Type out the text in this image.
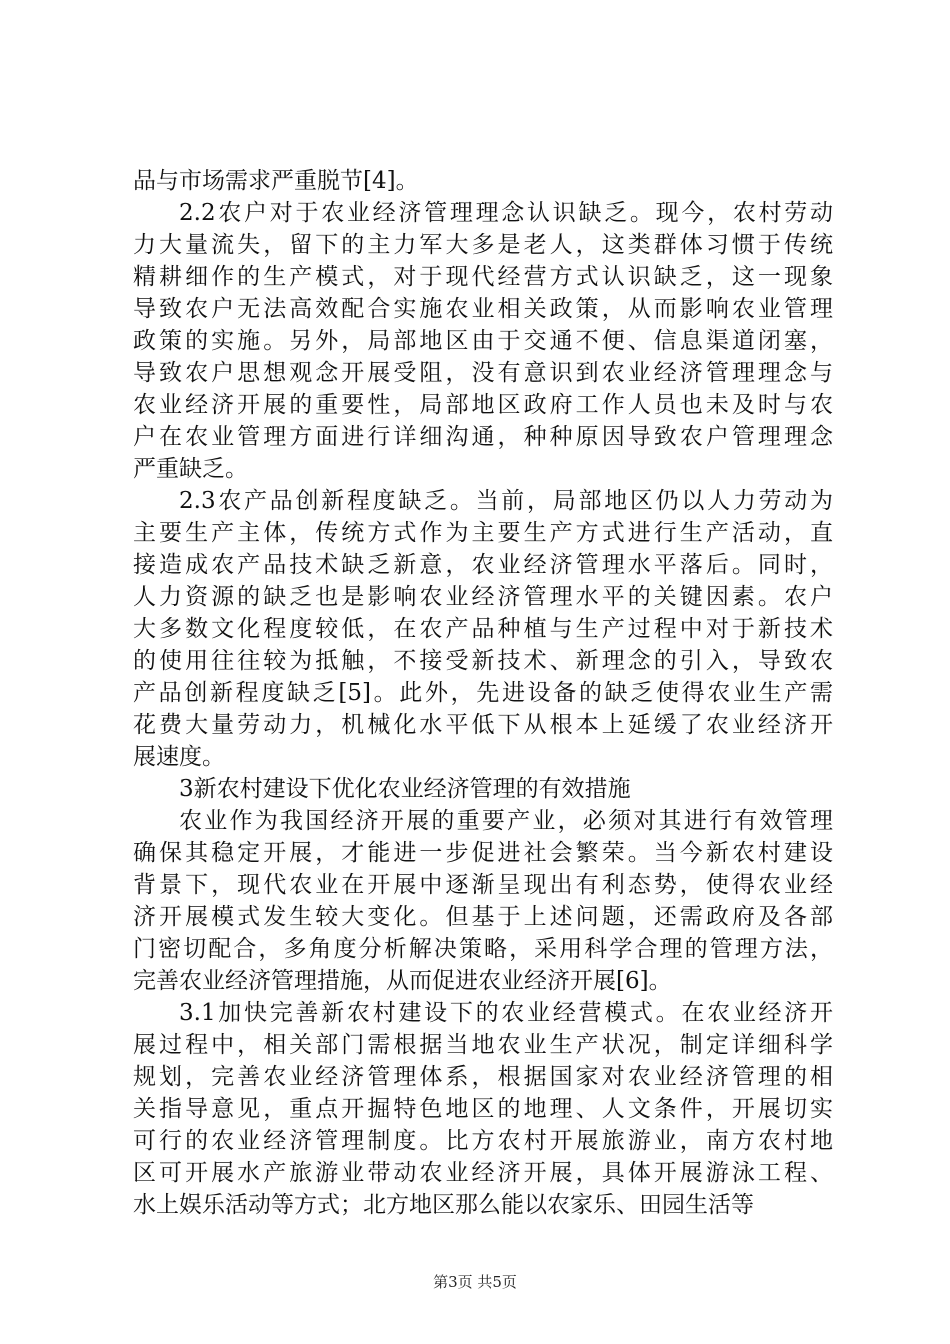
品与市场需求严重脱节[4]。
2.2农户对于农业经济管理理念认识缺乏。现今，农村劳动
力大量流失，留下的主力军大多是老人，这类群体习惯于传统
精耕细作的生产模式，对于现代经营方式认识缺乏，这一现象
导致农户无法高效配合实施农业相关政策，从而影响农业管理
政策的实施。另外，局部地区由于交通不便、信息渠道闭塞，
导致农户思想观念开展受阻，没有意识到农业经济管理理念与
农业经济开展的重要性，局部地区政府工作人员也未及时与农
户在农业管理方面进行详细沟通，种种原因导致农户管理理念
严重缺乏。
2.3农产品创新程度缺乏。当前，局部地区仍以人力劳动为
主要生产主体，传统方式作为主要生产方式进行生产活动，直
接造成农产品技术缺乏新意，农业经济管理水平落后。同时，
人力资源的缺乏也是影响农业经济管理水平的关键因素。农户
大多数文化程度较低，在农产品种植与生产过程中对于新技术
的使用往往较为抵触，不接受新技术、新理念的引入，导致农
产品创新程度缺乏[5]。此外，先进设备的缺乏使得农业生产需
花费大量劳动力，机械化水平低下从根本上延缓了农业经济开
展速度。
3新农村建设下优化农业经济管理的有效措施
农业作为我国经济开展的重要产业，必须对其进行有效管理
确保其稳定开展，才能进一步促进社会繁荣。当今新农村建设
背景下，现代农业在开展中逐渐呈现出有利态势，使得农业经
济开展模式发生较大变化。但基于上述问题，还需政府及各部
门密切配合，多角度分析解决策略，采用科学合理的管理方法，
完善农业经济管理措施，从而促进农业经济开展[6]。
3.1加快完善新农村建设下的农业经营模式。在农业经济开
展过程中，相关部门需根据当地农业生产状况，制定详细科学
规划，完善农业经济管理体系，根据国家对农业经济管理的相
关指导意见，重点开掘特色地区的地理、人文条件，开展切实
可行的农业经济管理制度。比方农村开展旅游业，南方农村地
区可开展水产旅游业带动农业经济开展，具体开展游泳工程、
水上娱乐活动等方式；北方地区那么能以农家乐、田园生活等
第3页 共5页
